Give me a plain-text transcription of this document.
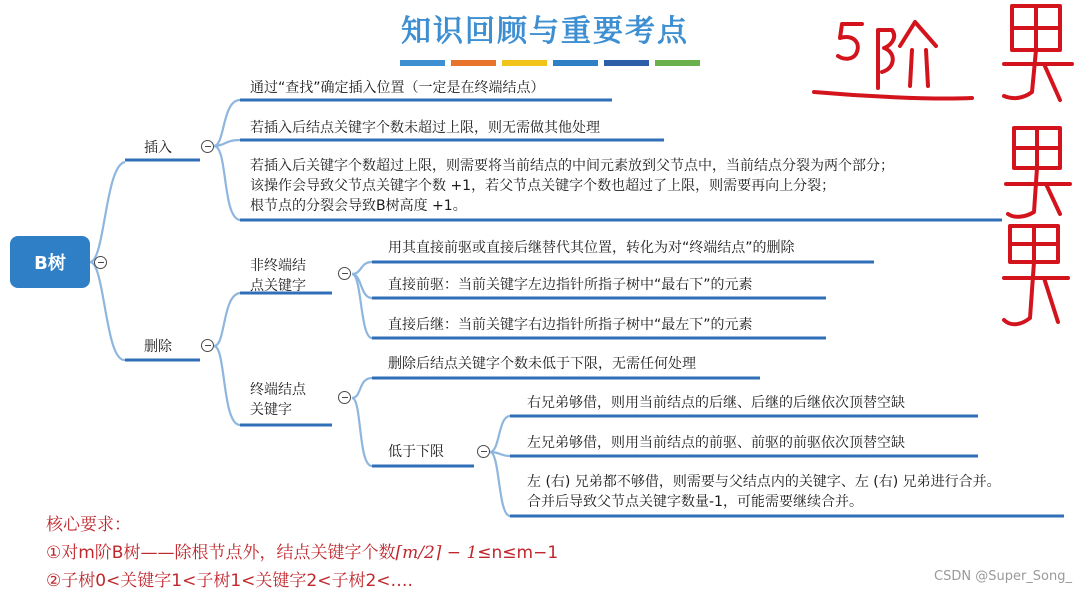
知识回顾与重要考点
B树
插入
通过“查找”确定插入位置（一定是在终端结点）
若插入后结点关键字个数未超过上限，则无需做其他处理
若插入后关键字个数超过上限，则需要将当前结点的中间元素放到父节点中，当前结点分裂为两个部分；
该操作会导致父节点关键字个数 +1，若父节点关键字个数也超过了上限，则需要再向上分裂；
根节点的分裂会导致B树高度 +1。
删除
非终端结
点关键字
用其直接前驱或直接后继替代其位置，转化为对“终端结点”的删除
直接前驱：当前关键字左边指针所指子树中“最右下”的元素
直接后继：当前关键字右边指针所指子树中“最左下”的元素
终端结点
关键字
删除后结点关键字个数未低于下限，无需任何处理
低于下限
右兄弟够借，则用当前结点的后继、后继的后继依次顶替空缺
左兄弟够借，则用当前结点的前驱、前驱的前驱依次顶替空缺
左 (右) 兄弟都不够借，则需要与父结点内的关键字、左 (右) 兄弟进行合并。
合并后导致父节点关键字数量-1，可能需要继续合并。
核心要求：
①对m阶B树——除根节点外，结点关键字个数⌈m/2⌉ − 1≤n≤m−1
②子树0<关键字1<子树1<关键字2<子树2<….	CSDN @Super_Song_
